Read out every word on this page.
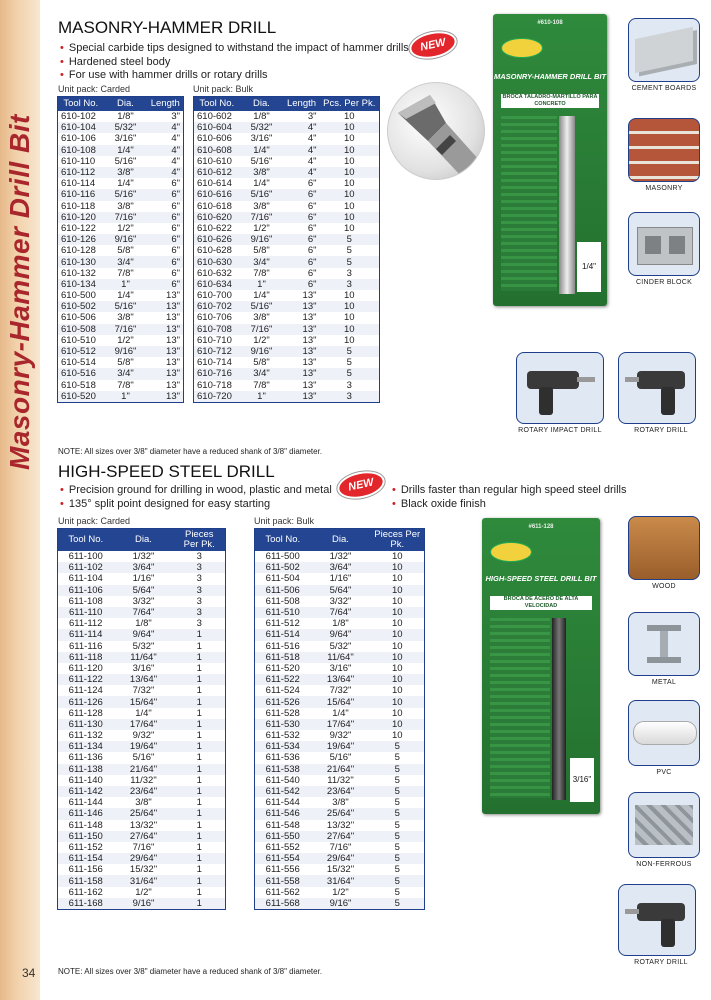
Masonry-Hammer Drill Bit
34
MASONRY-HAMMER DRILL
NEW
• Special carbide tips designed to withstand the impact of hammer drills
• Hardened steel body
• For use with hammer drills or rotary drills
Unit pack: Carded	Unit pack: Bulk
Tool No.	Dia.	Length
610-102	1/8"	3"
610-104	5/32"	4"
610-106	3/16"	4"
610-108	1/4"	4"
610-110	5/16"	4"
610-112	3/8"	4"
610-114	1/4"	6"
610-116	5/16"	6"
610-118	3/8"	6"
610-120	7/16"	6"
610-122	1/2"	6"
610-126	9/16"	6"
610-128	5/8"	6"
610-130	3/4"	6"
610-132	7/8"	6"
610-134	1"	6"
610-500	1/4"	13"
610-502	5/16"	13"
610-506	3/8"	13"
610-508	7/16"	13"
610-510	1/2"	13"
610-512	9/16"	13"
610-514	5/8"	13"
610-516	3/4"	13"
610-518	7/8"	13"
610-520	1"	13"
Tool No.	Dia.	Length	Pcs. Per Pk.
610-602	1/8"	3"	10
610-604	5/32"	4"	10
610-606	3/16"	4"	10
610-608	1/4"	4"	10
610-610	5/16"	4"	10
610-612	3/8"	4"	10
610-614	1/4"	6"	10
610-616	5/16"	6"	10
610-618	3/8"	6"	10
610-620	7/16"	6"	10
610-622	1/2"	6"	10
610-626	9/16"	6"	5
610-628	5/8"	6"	5
610-630	3/4"	6"	5
610-632	7/8"	6"	3
610-634	1"	6"	3
610-700	1/4"	13"	10
610-702	5/16"	13"	10
610-706	3/8"	13"	10
610-708	7/16"	13"	10
610-710	1/2"	13"	10
610-712	9/16"	13"	5
610-714	5/8"	13"	5
610-716	3/4"	13"	5
610-718	7/8"	13"	3
610-720	1"	13"	3
NOTE: All sizes over 3/8" diameter have a reduced shank of 3/8" diameter.
#610-108
MASONRY-HAMMER DRILL BIT
BROCA TALADRO-MARTILLO PARA CONCRETO
1/4"
CEMENT BOARDS
MASONRY
CINDER BLOCK
ROTARY IMPACT DRILL	ROTARY DRILL
HIGH-SPEED STEEL DRILL
NEW
• Precision ground for drilling in wood, plastic and metal
• 135° split point designed for easy starting
• Drills faster than regular high speed steel drills
• Black oxide finish
Unit pack: Carded	Unit pack: Bulk
Tool No.	Dia.	Pieces Per Pk.
611-100	1/32"	3
611-102	3/64"	3
611-104	1/16"	3
611-106	5/64"	3
611-108	3/32"	3
611-110	7/64"	3
611-112	1/8"	3
611-114	9/64"	1
611-116	5/32"	1
611-118	11/64"	1
611-120	3/16"	1
611-122	13/64"	1
611-124	7/32"	1
611-126	15/64"	1
611-128	1/4"	1
611-130	17/64"	1
611-132	9/32"	1
611-134	19/64"	1
611-136	5/16"	1
611-138	21/64"	1
611-140	11/32"	1
611-142	23/64"	1
611-144	3/8"	1
611-146	25/64"	1
611-148	13/32"	1
611-150	27/64"	1
611-152	7/16"	1
611-154	29/64"	1
611-156	15/32"	1
611-158	31/64"	1
611-162	1/2"	1
611-168	9/16"	1
Tool No.	Dia.	Pieces Per Pk.
611-500	1/32"	10
611-502	3/64"	10
611-504	1/16"	10
611-506	5/64"	10
611-508	3/32"	10
611-510	7/64"	10
611-512	1/8"	10
611-514	9/64"	10
611-516	5/32"	10
611-518	11/64"	10
611-520	3/16"	10
611-522	13/64"	10
611-524	7/32"	10
611-526	15/64"	10
611-528	1/4"	10
611-530	17/64"	10
611-532	9/32"	10
611-534	19/64"	5
611-536	5/16"	5
611-538	21/64"	5
611-540	11/32"	5
611-542	23/64"	5
611-544	3/8"	5
611-546	25/64"	5
611-548	13/32"	5
611-550	27/64"	5
611-552	7/16"	5
611-554	29/64"	5
611-556	15/32"	5
611-558	31/64"	5
611-562	1/2"	5
611-568	9/16"	5
NOTE: All sizes over 3/8" diameter have a reduced shank of 3/8" diameter.
#611-128
HIGH-SPEED STEEL DRILL BIT
BROCA DE ACERO DE ALTA VELOCIDAD
3/16"
WOOD
METAL
PVC
NON-FERROUS
ROTARY DRILL
